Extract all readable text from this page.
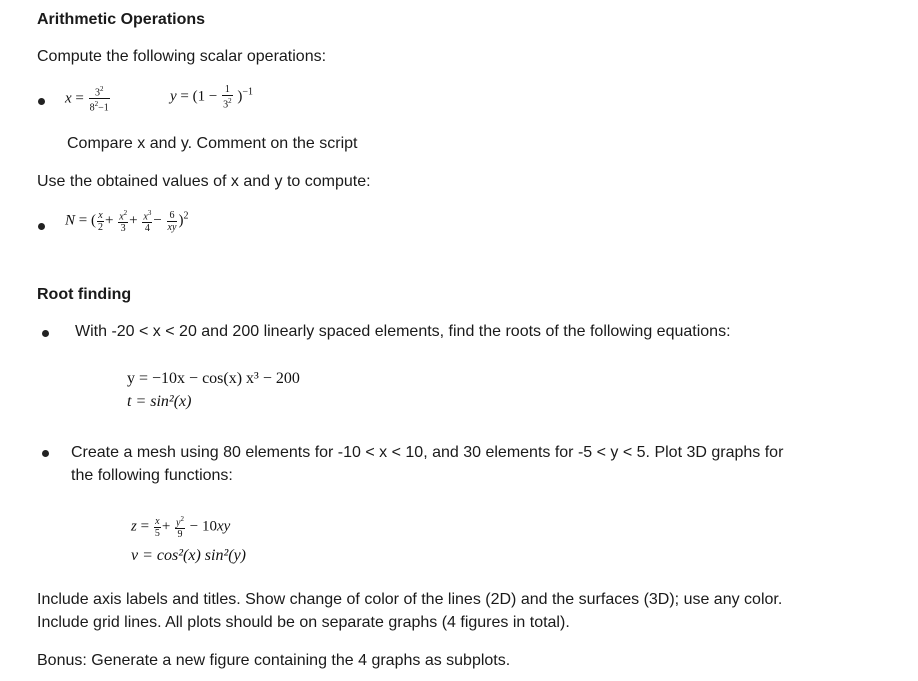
Arithmetic Operations
Compute the following scalar operations:
$x = \frac{3^2}{8^2-1}$	$y = (1 - \frac{1}{3^2} )^{-1}$
Compare x and y. Comment on the script
Use the obtained values of x and y to compute:
N = ( $\frac{x}{2} + \frac{x^2}{3} + \frac{x^3}{4} - \frac{6}{xy} )^2$
Root finding
With -20 < x < 20 and 200 linearly spaced elements, find the roots of the following equations:
y = −10x − cos(x) x³ − 200
t = sin²(x)
Create a mesh using 80 elements for -10 < x < 10, and 30 elements for -5 < y < 5. Plot 3D graphs for
the following functions:
$z = \frac{x}{5} + \frac{y^2}{9} - 10xy$
v = cos²(x) sin²(y)
Include axis labels and titles. Show change of color of the lines (2D) and the surfaces (3D); use any color.
Include grid lines. All plots should be on separate graphs (4 figures in total).
Bonus: Generate a new figure containing the 4 graphs as subplots.
